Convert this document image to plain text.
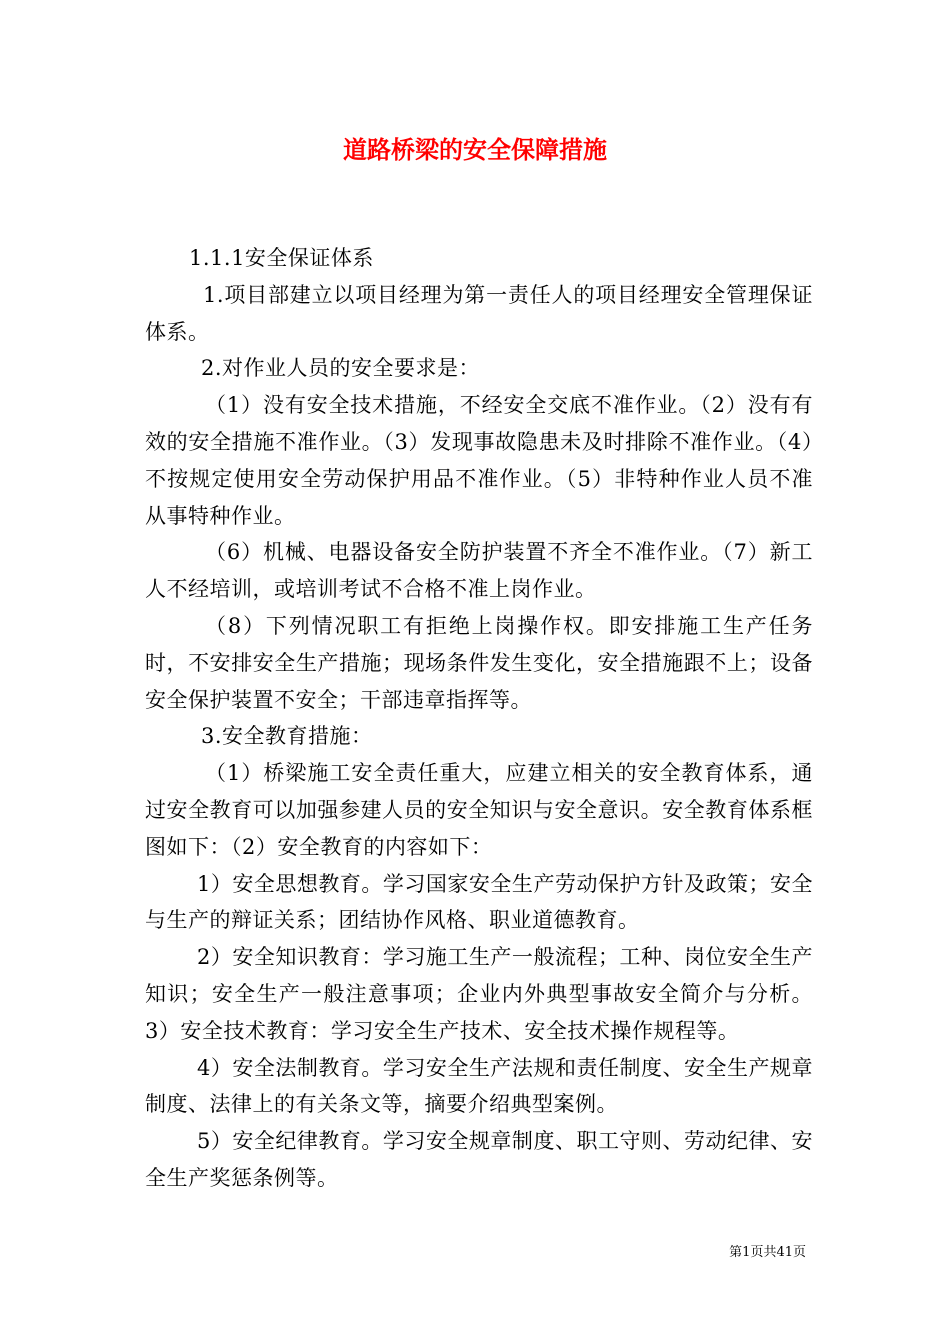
道路桥梁的安全保障措施

1.1.1安全保证体系

1.项目部建立以项目经理为第一责任人的项目经理安全管理保证体系。

2.对作业人员的安全要求是：

（1）没有安全技术措施，不经安全交底不准作业。（2）没有有效的安全措施不准作业。（3）发现事故隐患未及时排除不准作业。（4）不按规定使用安全劳动保护用品不准作业。（5）非特种作业人员不准从事特种作业。

（6）机械、电器设备安全防护装置不齐全不准作业。（7）新工人不经培训，或培训考试不合格不准上岗作业。

（8）下列情况职工有拒绝上岗操作权。即安排施工生产任务时，不安排安全生产措施；现场条件发生变化，安全措施跟不上；设备安全保护装置不安全；干部违章指挥等。

3.安全教育措施：

（1）桥梁施工安全责任重大，应建立相关的安全教育体系，通过安全教育可以加强参建人员的安全知识与安全意识。安全教育体系框图如下：（2）安全教育的内容如下：

1）安全思想教育。学习国家安全生产劳动保护方针及政策；安全与生产的辩证关系；团结协作风格、职业道德教育。

2）安全知识教育：学习施工生产一般流程；工种、岗位安全生产知识；安全生产一般注意事项；企业内外典型事故安全简介与分析。3）安全技术教育：学习安全生产技术、安全技术操作规程等。

4）安全法制教育。学习安全生产法规和责任制度、安全生产规章制度、法律上的有关条文等，摘要介绍典型案例。

5）安全纪律教育。学习安全规章制度、职工守则、劳动纪律、安全生产奖惩条例等。

第1页共41页
